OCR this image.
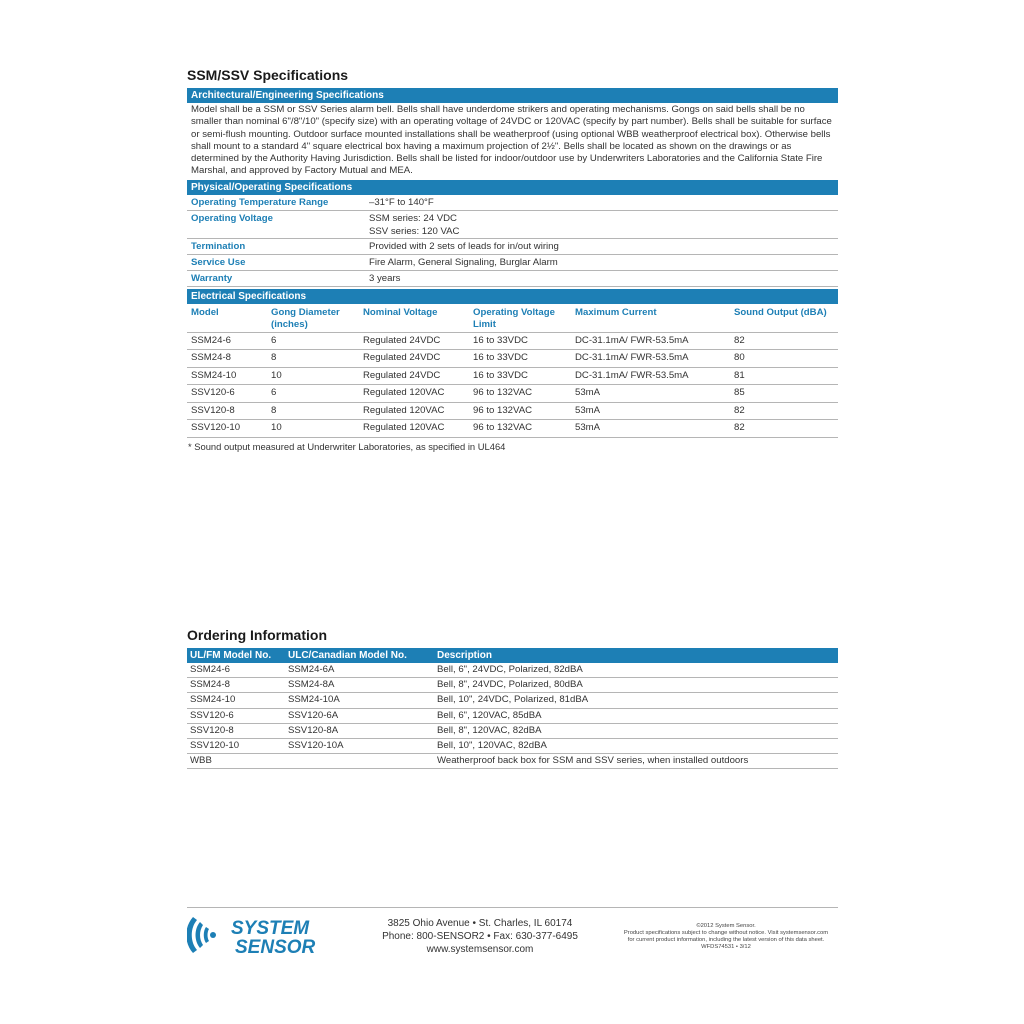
SSM/SSV Specifications
Architectural/Engineering Specifications
Model shall be a SSM or SSV Series alarm bell. Bells shall have underdome strikers and operating mechanisms. Gongs on said bells shall be no smaller than nominal 6"/8"/10" (specify size) with an operating voltage of 24VDC or 120VAC (specify by part number). Bells shall be suitable for surface or semi-flush mounting. Outdoor surface mounted installations shall be weatherproof (using optional WBB weatherproof electrical box). Otherwise bells shall mount to a standard 4" square electrical box having a maximum projection of 2½". Bells shall be located as shown on the drawings or as determined by the Authority Having Jurisdiction. Bells shall be listed for indoor/outdoor use by Underwriters Laboratories and the California State Fire Marshal, and approved by Factory Mutual and MEA.
Physical/Operating Specifications
Operating Temperature Range	–31°F to 140°F

Operating Voltage	SSM series: 24 VDC
SSV series: 120 VAC

Termination	Provided with 2 sets of leads for in/out wiring

Service Use	Fire Alarm, General Signaling, Burglar Alarm

Warranty	3 years
Electrical Specifications
Model	Gong Diameter (inches)	Nominal Voltage	Operating Voltage Limit	Maximum Current	Sound Output (dBA)
SSM24-6	6	Regulated 24VDC	16 to 33VDC	DC-31.1mA/ FWR-53.5mA	82
SSM24-8	8	Regulated 24VDC	16 to 33VDC	DC-31.1mA/ FWR-53.5mA	80
SSM24-10	10	Regulated 24VDC	16 to 33VDC	DC-31.1mA/ FWR-53.5mA	81
SSV120-6	6	Regulated 120VAC	96 to 132VAC	53mA	85
SSV120-8	8	Regulated 120VAC	96 to 132VAC	53mA	82
SSV120-10	10	Regulated 120VAC	96 to 132VAC	53mA	82
* Sound output measured at Underwriter Laboratories, as specified in UL464
Ordering Information
UL/FM Model No.	ULC/Canadian Model No.	Description
SSM24-6	SSM24-6A	Bell, 6", 24VDC, Polarized, 82dBA
SSM24-8	SSM24-8A	Bell, 8", 24VDC, Polarized, 80dBA
SSM24-10	SSM24-10A	Bell, 10", 24VDC, Polarized, 81dBA
SSV120-6	SSV120-6A	Bell, 6", 120VAC, 85dBA
SSV120-8	SSV120-8A	Bell, 8", 120VAC, 82dBA
SSV120-10	SSV120-10A	Bell, 10", 120VAC, 82dBA
WBB		Weatherproof back box for SSM and SSV series, when installed outdoors
SYSTEM
SENSOR
3825 Ohio Avenue • St. Charles, IL 60174
Phone: 800-SENSOR2 • Fax: 630-377-6495
www.systemsensor.com
©2012 System Sensor.
Product specifications subject to change without notice. Visit systemsensor.com
for current product information, including the latest version of this data sheet.
WFDS74531 • 3/12
